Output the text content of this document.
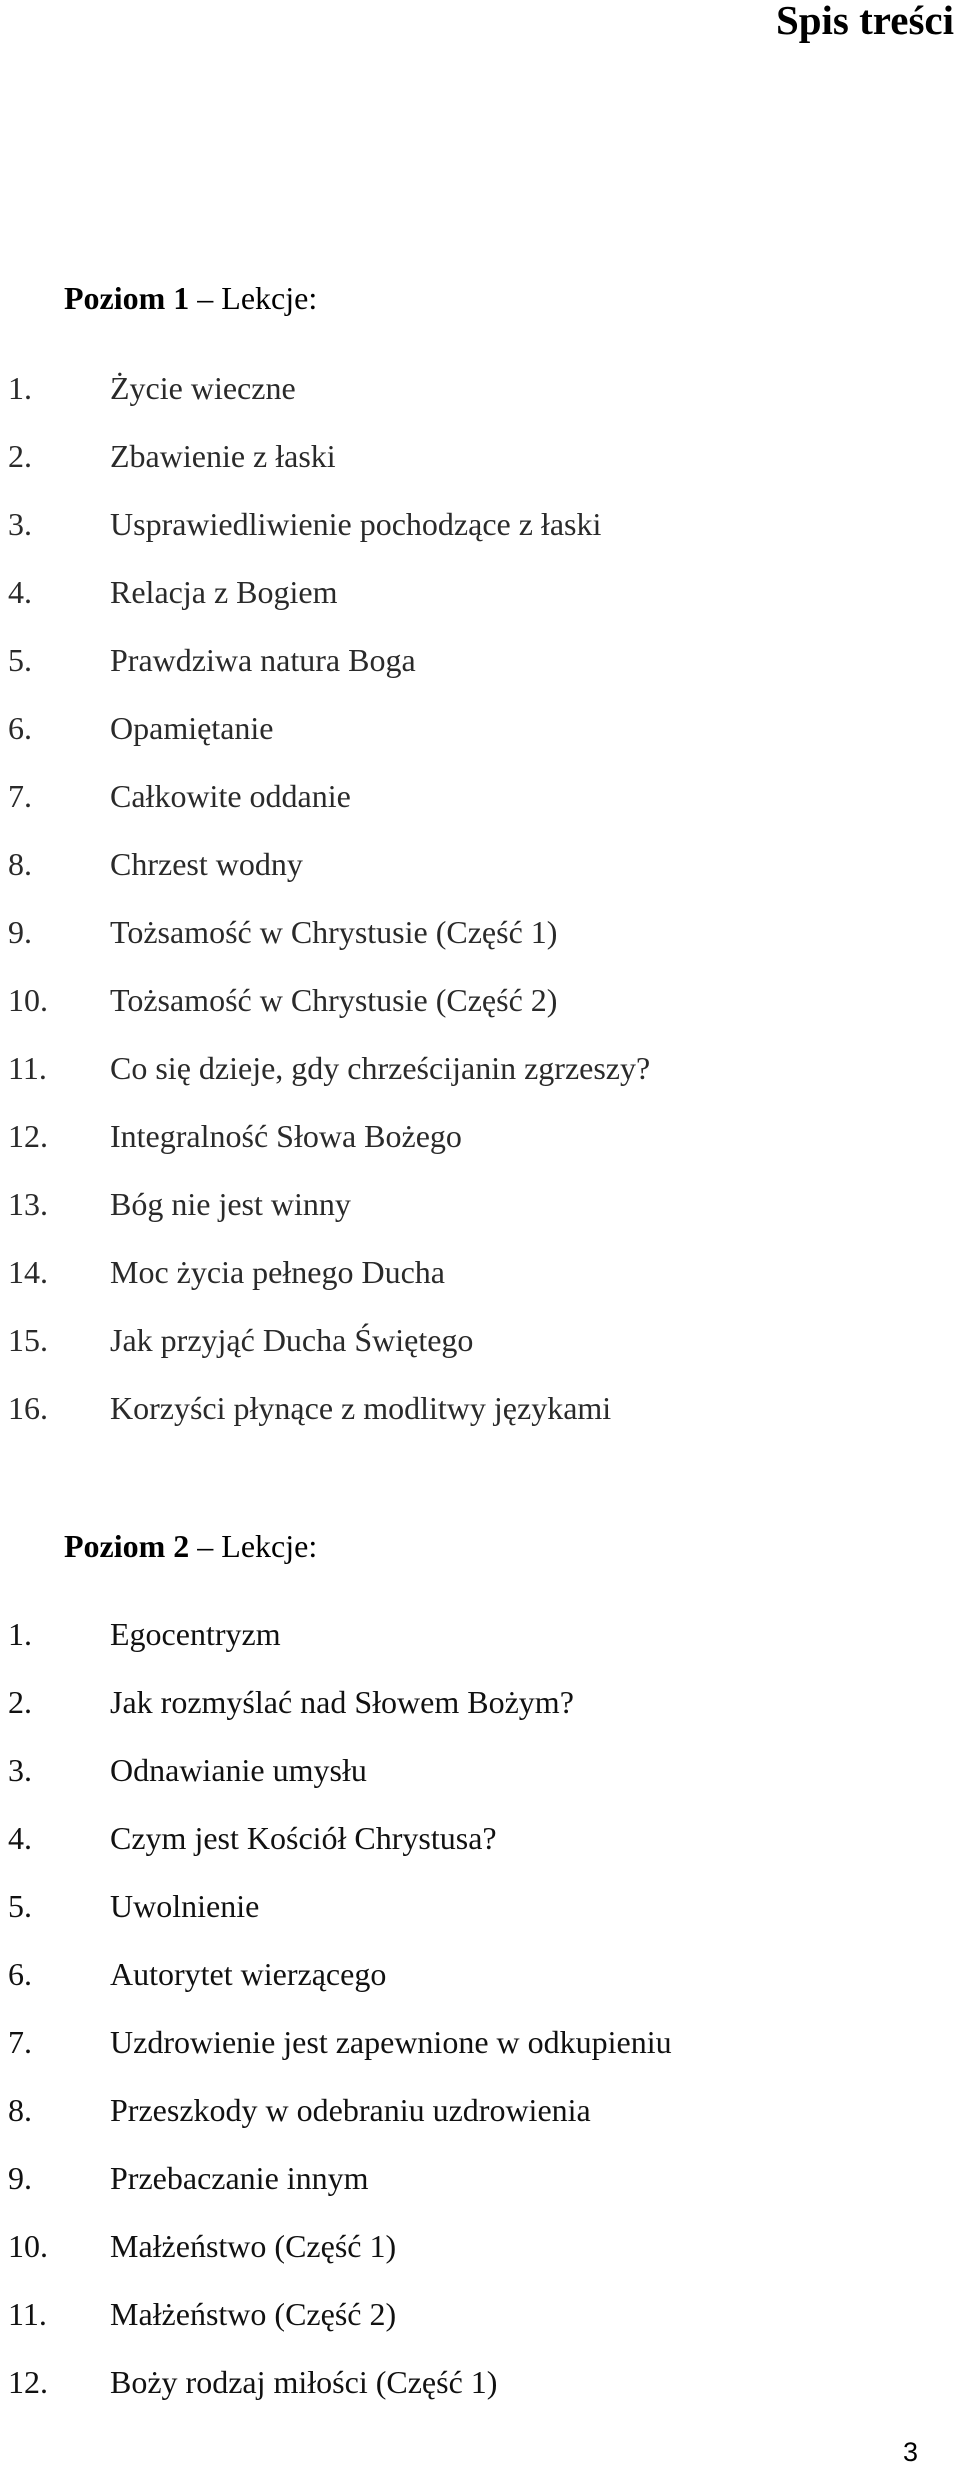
Spis treści
Poziom 1 – Lekcje:
1. Życie wieczne
2. Zbawienie z łaski
3. Usprawiedliwienie pochodzące z łaski
4. Relacja z Bogiem
5. Prawdziwa natura Boga
6. Opamiętanie
7. Całkowite oddanie
8. Chrzest wodny
9. Tożsamość w Chrystusie (Część 1)
10. Tożsamość w Chrystusie (Część 2)
11. Co się dzieje, gdy chrześcijanin zgrzeszy?
12. Integralność Słowa Bożego
13. Bóg nie jest winny
14. Moc życia pełnego Ducha
15. Jak przyjąć Ducha Świętego
16. Korzyści płynące z modlitwy językami
Poziom 2 – Lekcje:
1. Egocentryzm
2. Jak rozmyślać nad Słowem Bożym?
3. Odnawianie umysłu
4. Czym jest Kościół Chrystusa?
5. Uwolnienie
6. Autorytet wierzącego
7. Uzdrowienie jest zapewnione w odkupieniu
8. Przeszkody w odebraniu uzdrowienia
9. Przebaczanie innym
10. Małżeństwo (Część 1)
11. Małżeństwo (Część 2)
12. Boży rodzaj miłości (Część 1)
3
